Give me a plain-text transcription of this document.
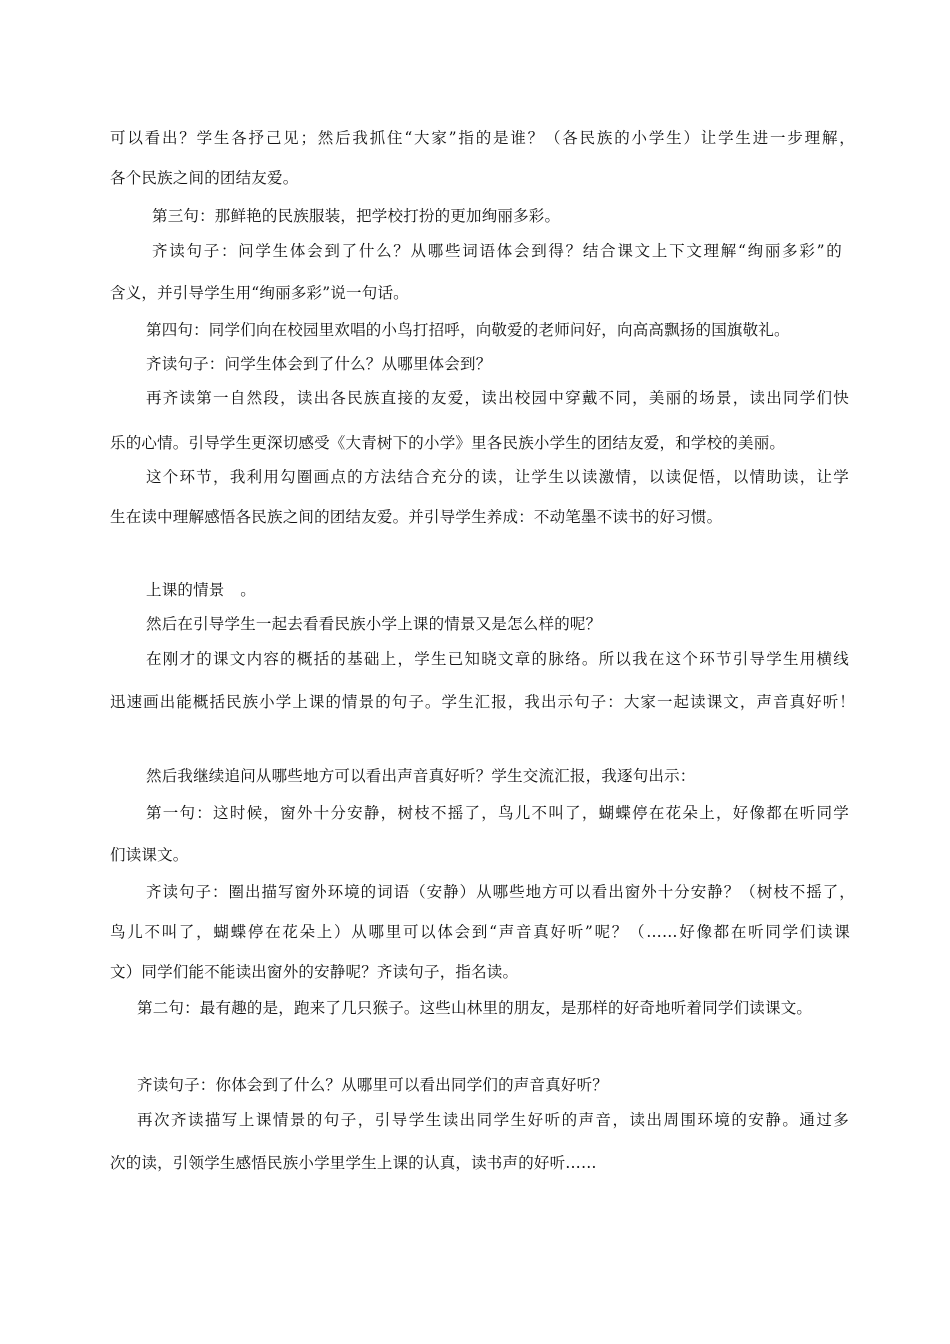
可以看出？学生各抒己见；然后我抓住“大家”指的是谁？（各民族的小学生）让学生进一步理解，
各个民族之间的团结友爱。
第三句：那鲜艳的民族服装，把学校打扮的更加绚丽多彩。
齐读句子：问学生体会到了什么？从哪些词语体会到得？结合课文上下文理解“绚丽多彩”的
含义，并引导学生用“绚丽多彩”说一句话。
第四句：同学们向在校园里欢唱的小鸟打招呼，向敬爱的老师问好，向高高飘扬的国旗敬礼。
齐读句子：问学生体会到了什么？从哪里体会到？
再齐读第一自然段，读出各民族直接的友爱，读出校园中穿戴不同，美丽的场景，读出同学们快
乐的心情。引导学生更深切感受《大青树下的小学》里各民族小学生的团结友爱，和学校的美丽。
这个环节，我利用勾圈画点的方法结合充分的读，让学生以读激情，以读促悟，以情助读，让学
生在读中理解感悟各民族之间的团结友爱。并引导学生养成：不动笔墨不读书的好习惯。
上课的情景　。
然后在引导学生一起去看看民族小学上课的情景又是怎么样的呢？
在刚才的课文内容的概括的基础上，学生已知晓文章的脉络。所以我在这个环节引导学生用横线
迅速画出能概括民族小学上课的情景的句子。学生汇报，我出示句子：大家一起读课文，声音真好听！
然后我继续追问从哪些地方可以看出声音真好听？学生交流汇报，我逐句出示：
第一句：这时候，窗外十分安静，树枝不摇了，鸟儿不叫了，蝴蝶停在花朵上，好像都在听同学
们读课文。
齐读句子：圈出描写窗外环境的词语（安静）从哪些地方可以看出窗外十分安静？（树枝不摇了，
鸟儿不叫了，蝴蝶停在花朵上）从哪里可以体会到“声音真好听”呢？（……好像都在听同学们读课
文）同学们能不能读出窗外的安静呢？齐读句子，指名读。
第二句：最有趣的是，跑来了几只猴子。这些山林里的朋友，是那样的好奇地听着同学们读课文。
齐读句子：你体会到了什么？从哪里可以看出同学们的声音真好听？
再次齐读描写上课情景的句子，引导学生读出同学生好听的声音，读出周围环境的安静。通过多
次的读，引领学生感悟民族小学里学生上课的认真，读书声的好听……
